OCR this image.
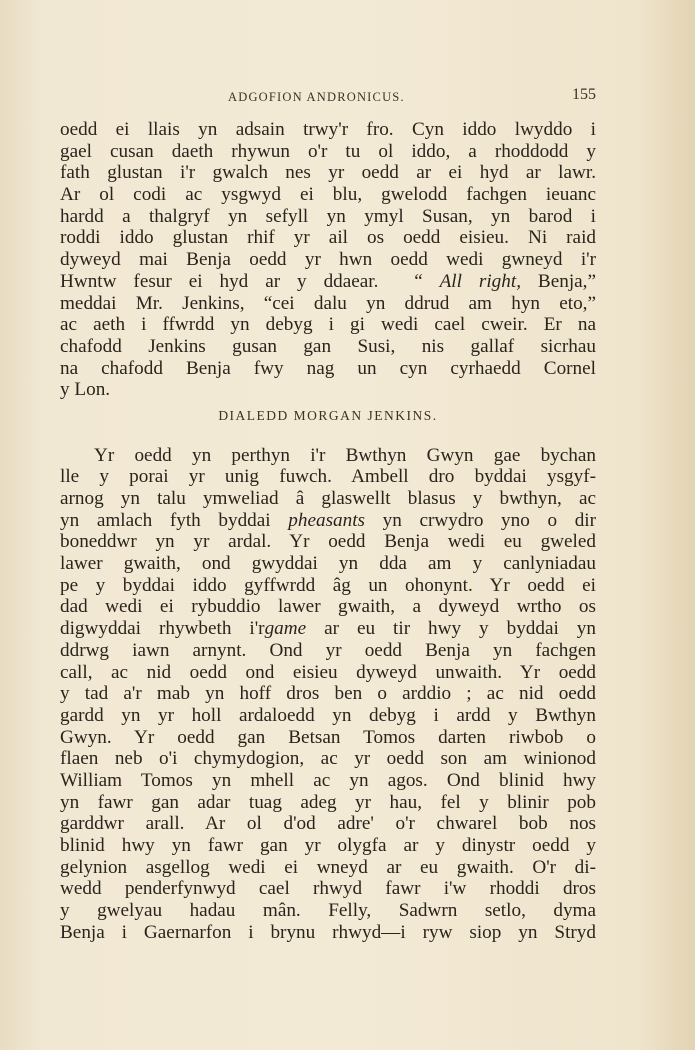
ADGOFION ANDRONICUS.	155
oedd ei llais yn adsain trwy'r fro. Cyn iddo lwyddo i
gael cusan daeth rhywun o'r tu ol iddo, a rhoddodd y
fath glustan i'r gwalch nes yr oedd ar ei hyd ar lawr.
Ar ol codi ac ysgwyd ei blu, gwelodd fachgen ieuanc
hardd a thalgryf yn sefyll yn ymyl Susan, yn barod i
roddi iddo glustan rhif yr ail os oedd eisieu. Ni raid
dyweyd mai Benja oedd yr hwn oedd wedi gwneyd i'r
Hwntw fesur ei hyd ar y ddaear. “ All right, Benja,”
meddai Mr. Jenkins, “cei dalu yn ddrud am hyn eto,”
ac aeth i ffwrdd yn debyg i gi wedi cael cweir. Er na
chafodd Jenkins gusan gan Susi, nis gallaf sicrhau
na chafodd Benja fwy nag un cyn cyrhaedd Cornel
y Lon.
DIALEDD MORGAN JENKINS.
Yr oedd yn perthyn i'r Bwthyn Gwyn gae bychan
lle y porai yr unig fuwch. Ambell dro byddai ysgyf-
arnog yn talu ymweliad â glaswellt blasus y bwthyn, ac
yn amlach fyth byddai pheasants yn crwydro yno o dir
boneddwr yn yr ardal. Yr oedd Benja wedi eu gweled
lawer gwaith, ond gwyddai yn dda am y canlyniadau
pe y byddai iddo gyffwrdd âg un ohonynt. Yr oedd ei
dad wedi ei rybuddio lawer gwaith, a dyweyd wrtho os
digwyddai rhywbeth i'rgame ar eu tir hwy y byddai yn
ddrwg iawn arnynt. Ond yr oedd Benja yn fachgen
call, ac nid oedd ond eisieu dyweyd unwaith. Yr oedd
y tad a'r mab yn hoff dros ben o arddio ; ac nid oedd
gardd yn yr holl ardaloedd yn debyg i ardd y Bwthyn
Gwyn. Yr oedd gan Betsan Tomos darten riwbob o
flaen neb o'i chymydogion, ac yr oedd son am winionod
William Tomos yn mhell ac yn agos. Ond blinid hwy
yn fawr gan adar tuag adeg yr hau, fel y blinir pob
garddwr arall. Ar ol d'od adre' o'r chwarel bob nos
blinid hwy yn fawr gan yr olygfa ar y dinystr oedd y
gelynion asgellog wedi ei wneyd ar eu gwaith. O'r di-
wedd penderfynwyd cael rhwyd fawr i'w rhoddi dros
y gwelyau hadau mân. Felly, Sadwrn setlo, dyma
Benja i Gaernarfon i brynu rhwyd—i ryw siop yn Stryd
